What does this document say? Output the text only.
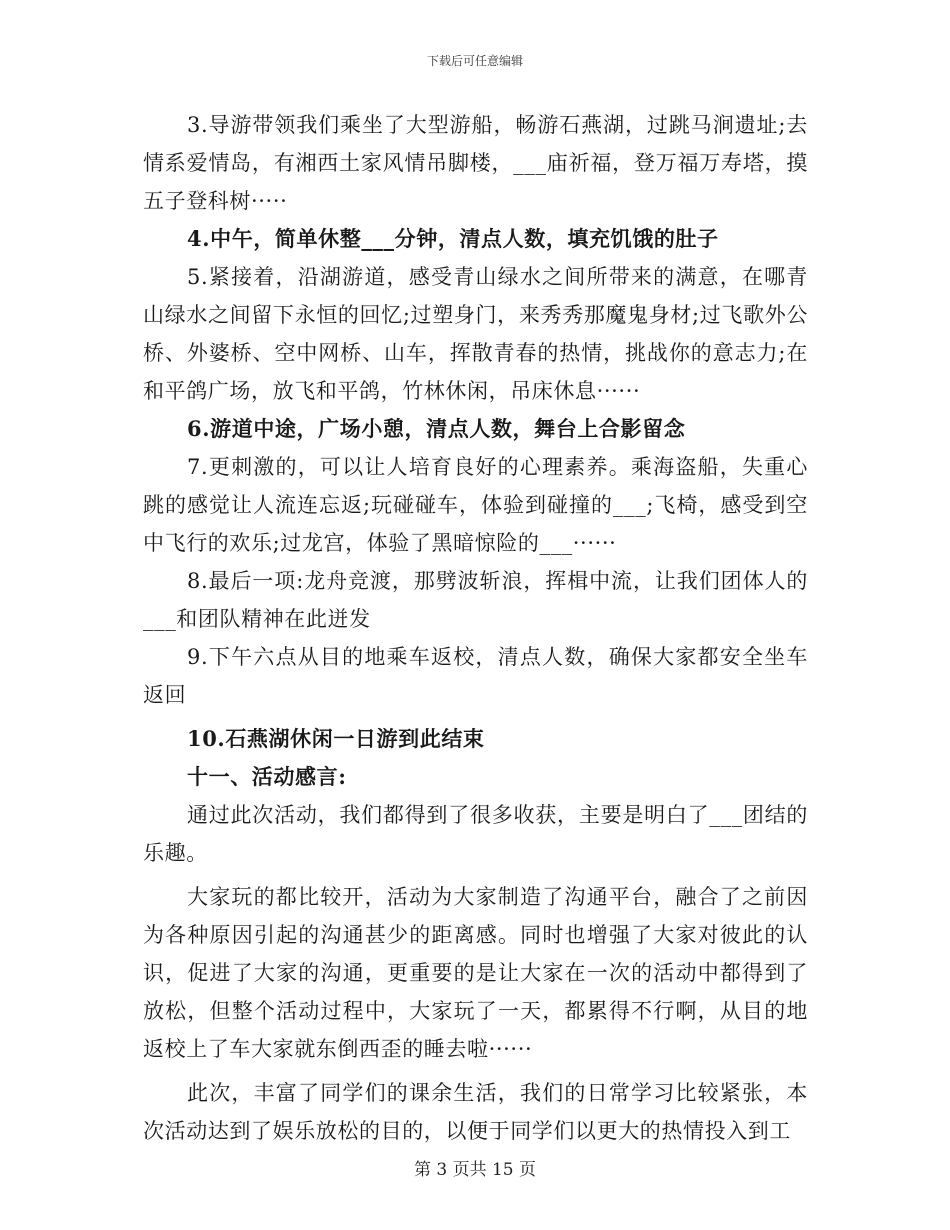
下载后可任意编辑

3.导游带领我们乘坐了大型游船，畅游石燕湖，过跳马涧遗址;去情系爱情岛，有湘西土家风情吊脚楼，___庙祈福，登万福万寿塔，摸五子登科树·····

4.中午，简单休整___分钟，清点人数，填充饥饿的肚子

5.紧接着，沿湖游道，感受青山绿水之间所带来的满意，在哪青山绿水之间留下永恒的回忆;过塑身门，来秀秀那魔鬼身材;过飞歌外公桥、外婆桥、空中网桥、山车，挥散青春的热情，挑战你的意志力;在和平鸽广场，放飞和平鸽，竹林休闲，吊床休息······

6.游道中途，广场小憩，清点人数，舞台上合影留念

7.更刺激的，可以让人培育良好的心理素养。乘海盗船，失重心跳的感觉让人流连忘返;玩碰碰车，体验到碰撞的___;飞椅，感受到空中飞行的欢乐;过龙宫，体验了黑暗惊险的___······

8.最后一项:龙舟竞渡，那劈波斩浪，挥楫中流，让我们团体人的___和团队精神在此迸发

9.下午六点从目的地乘车返校，清点人数，确保大家都安全坐车返回

10.石燕湖休闲一日游到此结束

十一、活动感言:

通过此次活动，我们都得到了很多收获，主要是明白了___团结的乐趣。

大家玩的都比较开，活动为大家制造了沟通平台，融合了之前因为各种原因引起的沟通甚少的距离感。同时也增强了大家对彼此的认识，促进了大家的沟通，更重要的是让大家在一次的活动中都得到了放松，但整个活动过程中，大家玩了一天，都累得不行啊，从目的地返校上了车大家就东倒西歪的睡去啦······

此次，丰富了同学们的课余生活，我们的日常学习比较紧张，本次活动达到了娱乐放松的目的，以便于同学们以更大的热情投入到工

第 3 页共 15 页
